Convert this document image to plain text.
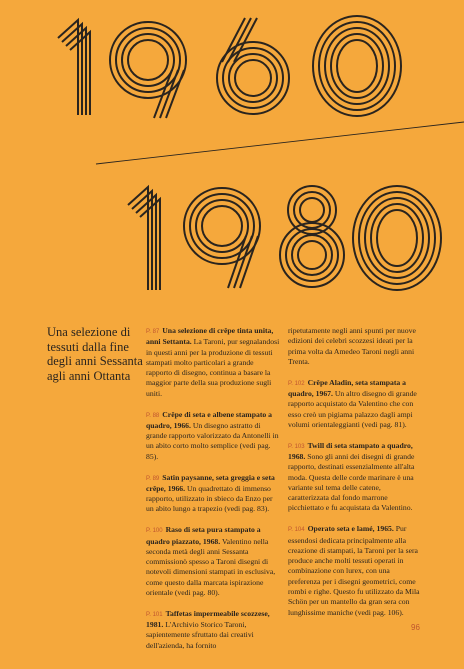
Una selezione di tessuti dalla fine degli anni Sessanta agli anni Ottanta

P. 87 Una selezione di crêpe tinta unita, anni Settanta. La Taroni, pur segnalandosi in questi anni per la produzione di tessuti stampati molto particolari a grande rapporto di disegno, continua a basare la maggior parte della sua produzione sugli uniti.

P. 88 Crêpe di seta e albene stampato a quadro, 1966. Un disegno astratto di grande rapporto valorizzato da Antonelli in un abito corto molto semplice (vedi pag. 85).

P. 89 Satin paysanne, seta greggia e seta crêpe, 1966. Un quadrettato di immenso rapporto, utilizzato in sbieco da Enzo per un abito lungo a trapezio (vedi pag. 83).

P. 100 Raso di seta pura stampato a quadro piazzato, 1968. Valentino nella seconda metà degli anni Sessanta commissionò spesso a Taroni disegni di notevoli dimensioni stampati in esclusiva, come questo dalla marcata ispirazione orientale (vedi pag. 80).

P. 101 Taffetas impermeabile scozzese, 1981. L'Archivio Storico Taroni, sapientemente sfruttato dai creativi dell'azienda, ha fornito

ripetutamente negli anni spunti per nuove edizioni dei celebri scozzesi ideati per la prima volta da Amedeo Taroni negli anni Trenta.

P. 102 Crêpe Aladin, seta stampata a quadro, 1967. Un altro disegno di grande rapporto acquistato da Valentino che con esso creò un pigiama palazzo dagli ampi volumi orientaleggianti (vedi pag. 81).

P. 103 Twill di seta stampato a quadro, 1968. Sono gli anni dei disegni di grande rapporto, destinati essenzialmente all'alta moda. Questa delle corde marinare è una variante sul tema delle catene, caratterizzata dal fondo marrone picchiettato e fu acquistata da Valentino.

P. 104 Operato seta e lamé, 1965. Pur essendosi dedicata principalmente alla creazione di stampati, la Taroni per la sera produce anche molti tessuti operati in combinazione con lurex, con una preferenza per i disegni geometrici, come rombi e righe. Questo fu utilizzato da Mila Schön per un mantello da gran sera con lunghissime maniche (vedi pag. 106).

96
